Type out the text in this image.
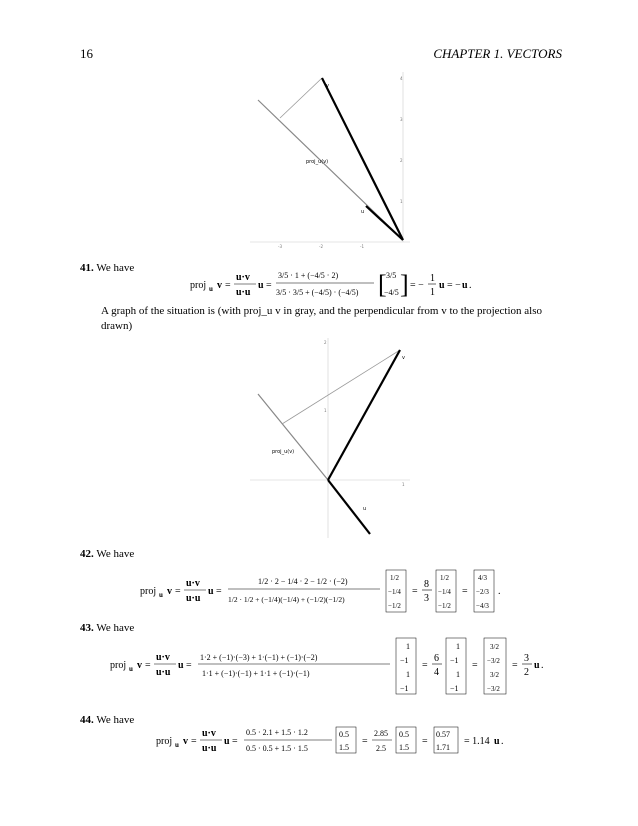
16	CHAPTER 1. VECTORS
v
u
proj_u(v)
-3	-2	-1
1
2
3
4
41. We have
proj u v =
u·v
u·u
u =
3/5 · 1 + (−4/5 · 2)
3/5 · 3/5 + (−4/5) · (−4/5) [ 3/5
−4/5 ] = −
1
1
u = − u .
A graph of the situation is (with proj_u v in gray, and the perpendicular from v to the projection also drawn)
v
u
proj_u(v)
1
1
2
42. We have
proj u v =
u·v
u·u
u =
1/2 · 2 − 1/4 · 2 − 1/2 · (−2)
1/2 · 1/2 + (−1/4)(−1/4) + (−1/2)(−1/2)
1/2
−1/4
−1/2
=
8
3
1/2
−1/4
−1/2
=
4/3
−2/3
−4/3
.
43. We have
proj u v =
u·v
u·u
u =
1·2 + (−1)·(−3) + 1·(−1) + (−1)·(−2)
1·1 + (−1)·(−1) + 1·1 + (−1)·(−1)
1
−1
1
−1
=
6
4
1
−1
1
−1
=
3/2
−3/2
3/2
−3/2
=
3
2
u .
44. We have
proj u v =
u·v
u·u
u =
0.5 · 2.1 + 1.5 · 1.2
0.5 · 0.5 + 1.5 · 1.5
0.5
1.5
=
2.85
2.5
0.5
1.5
=
0.57
1.71
= 1.14 u .
